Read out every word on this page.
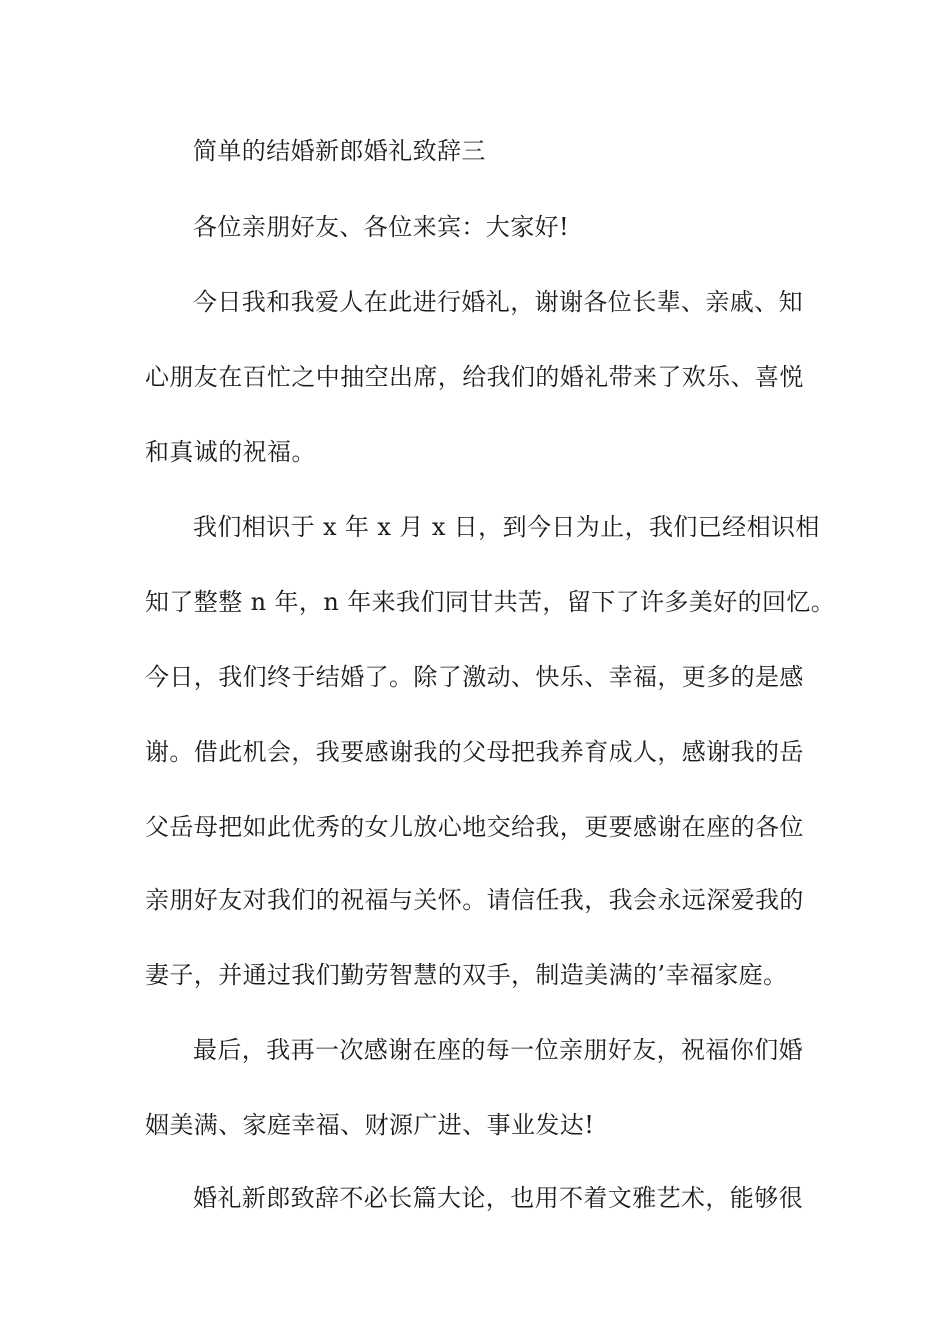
简单的结婚新郎婚礼致辞三
各位亲朋好友、各位来宾：大家好!
今日我和我爱人在此进行婚礼，谢谢各位长辈、亲戚、知
心朋友在百忙之中抽空出席，给我们的婚礼带来了欢乐、喜悦
和真诚的祝福。
我们相识于 x 年 x 月 x 日，到今日为止，我们已经相识相
知了整整 n 年，n 年来我们同甘共苦，留下了许多美好的回忆。
今日，我们终于结婚了。除了激动、快乐、幸福，更多的是感
谢。借此机会，我要感谢我的父母把我养育成人，感谢我的岳
父岳母把如此优秀的女儿放心地交给我，更要感谢在座的各位
亲朋好友对我们的祝福与关怀。请信任我，我会永远深爱我的
妻子，并通过我们勤劳智慧的双手，制造美满的’幸福家庭。
最后，我再一次感谢在座的每一位亲朋好友，祝福你们婚
姻美满、家庭幸福、财源广进、事业发达!
婚礼新郎致辞不必长篇大论，也用不着文雅艺术，能够很
